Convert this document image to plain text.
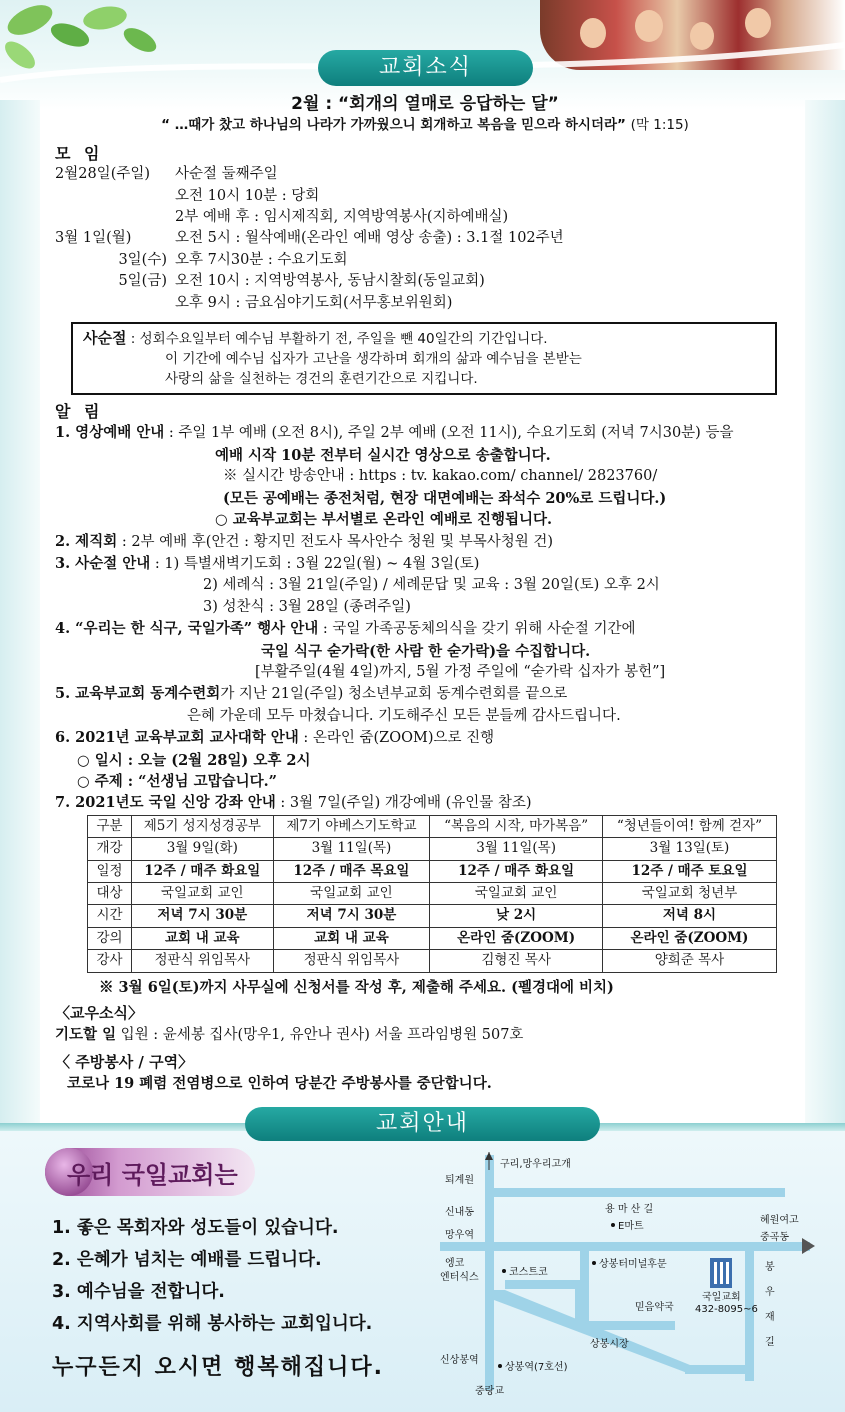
교회소식
2월 : “회개의 열매로 응답하는 달”
“ …때가 찼고 하나님의 나라가 가까웠으니 회개하고 복음을 믿으라 하시더라” (막 1:15)
모 임
2월28일(주일)	사순절 둘째주일
오전 10시 10분 : 당회
2부 예배 후 : 임시제직회, 지역방역봉사(지하예배실)
3월 1일(월)	오전 5시 : 월삭예배(온라인 예배 영상 송출) : 3.1절 102주년
3일(수) 오후 7시30분 : 수요기도회
5일(금) 오전 10시 : 지역방역봉사, 동남시찰회(동일교회)
오후 9시 : 금요심야기도회(서무홍보위원회)
사순절 : 성회수요일부터 예수님 부활하기 전, 주일을 뺀 40일간의 기간입니다.
이 기간에 예수님 십자가 고난을 생각하며 회개의 삶과 예수님을 본받는
사랑의 삶을 실천하는 경건의 훈련기간으로 지킵니다.
알 림
1. 영상예배 안내 : 주일 1부 예배 (오전 8시), 주일 2부 예배 (오전 11시), 수요기도회 (저녁 7시30분) 등을
예배 시작 10분 전부터 실시간 영상으로 송출합니다.
※ 실시간 방송안내 : https : tv. kakao.com/ channel/ 2823760/
(모든 공예배는 종전처럼, 현장 대면예배는 좌석수 20%로 드립니다.)
○ 교육부교회는 부서별로 온라인 예배로 진행됩니다.
2. 제직회 : 2부 예배 후(안건 : 황지민 전도사 목사안수 청원 및 부목사청원 건)
3. 사순절 안내 : 1) 특별새벽기도회 : 3월 22일(월) ~ 4월 3일(토)
2) 세례식 : 3월 21일(주일) / 세례문답 및 교육 : 3월 20일(토) 오후 2시
3) 성찬식 : 3월 28일 (종려주일)
4. “우리는 한 식구, 국일가족” 행사 안내 : 국일 가족공동체의식을 갖기 위해 사순절 기간에
국일 식구 숟가락(한 사람 한 숟가락)을 수집합니다.
[부활주일(4월 4일)까지, 5월 가정 주일에 “숟가락 십자가 봉헌”]
5. 교육부교회 동계수련회가 지난 21일(주일) 청소년부교회 동계수련회를 끝으로
은혜 가운데 모두 마쳤습니다. 기도해주신 모든 분들께 감사드립니다.
6. 2021년 교육부교회 교사대학 안내 : 온라인 줌(ZOOM)으로 진행
○ 일시 : 오늘 (2월 28일) 오후 2시
○ 주제 : “선생님 고맙습니다.”
7. 2021년도 국일 신앙 강좌 안내 : 3월 7일(주일) 개강예배 (유인물 참조)
구분	제5기 성지성경공부	제7기 야베스기도학교	“복음의 시작, 마가복음”	“청년들이여! 함께 걷자”
개강	3월 9일(화)	3월 11일(목)	3월 11일(목)	3월 13일(토)
일정	12주 / 매주 화요일	12주 / 매주 목요일	12주 / 매주 화요일	12주 / 매주 토요일
대상	국일교회 교인	국일교회 교인	국일교회 교인	국일교회 청년부
시간	저녁 7시 30분	저녁 7시 30분	낮 2시	저녁 8시
강의	교회 내 교육	교회 내 교육	온라인 줌(ZOOM)	온라인 줌(ZOOM)
강사	정판식 위임목사	정판식 위임목사	김형진 목사	양희준 목사
※ 3월 6일(토)까지 사무실에 신청서를 작성 후, 제출해 주세요. (펠경대에 비치)
〈교우소식〉
기도할 일 입원 : 윤세봉 집사(망우1, 유안나 권사) 서울 프라임병원 507호
〈 주방봉사 / 구역〉
코로나 19 폐렴 전염병으로 인하여 당분간 주방봉사를 중단합니다.
교회안내
우리 국일교회는
1. 좋은 목회자와 성도들이 있습니다.
2. 은혜가 넘치는 예배를 드립니다.
3. 예수님을 전합니다.
4. 지역사회를 위해 봉사하는 교회입니다.
누구든지 오시면 행복해집니다.
퇴계원
구리,망우리고개
용 마 산 길
신내동
E마트
혜원여고
망우역	중곡동
엥코
엔터식스	코스트코
상봉터미널후문	봉
우
재
길
믿음약국
국일교회
432-8095~6
상봉시장
신상봉역
상봉역(7호선)
중랑교
